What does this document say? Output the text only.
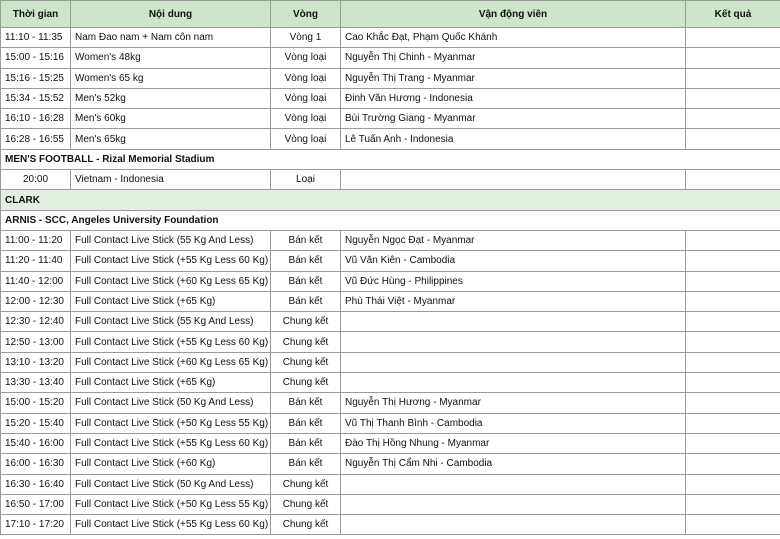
Thời gian	Nội dung	Vòng	Vận động viên	Kết quả
11:10 - 11:35	Nam Đao nam + Nam côn nam	Vòng 1	Cao Khắc Đạt, Phạm Quốc Khánh	
15:00 - 15:16	Women's 48kg	Vòng loại	Nguyễn Thị Chinh - Myanmar	
15:16 - 15:25	Women's 65 kg	Vòng loại	Nguyễn Thị Trang - Myanmar	
15:34 - 15:52	Men's 52kg	Vòng loại	Đinh Văn Hương - Indonesia	
16:10 - 16:28	Men's 60kg	Vòng loại	Bùi Trường Giang - Myanmar	
16:28 - 16:55	Men's 65kg	Vòng loại	Lê Tuấn Anh - Indonesia	
MEN'S FOOTBALL - Rizal Memorial Stadium				
20:00	Vietnam - Indonesia	Loại		
CLARK				
ARNIS - SCC, Angeles University Foundation				
11:00 - 11:20	Full Contact Live Stick (55 Kg And Less)	Bán kết	Nguyễn Ngọc Đạt - Myanmar	
11:20 - 11:40	Full Contact Live Stick (+55 Kg Less 60 Kg)	Bán kết	Vũ Văn Kiên - Cambodia	
11:40 - 12:00	Full Contact Live Stick (+60 Kg Less 65 Kg)	Bán kết	Vũ Đức Hùng - Philippines	
12:00 - 12:30	Full Contact Live Stick (+65 Kg)	Bán kết	Phù Thái Việt - Myanmar	
12:30 - 12:40	Full Contact Live Stick (55 Kg And Less)	Chung kết		
12:50 - 13:00	Full Contact Live Stick (+55 Kg Less 60 Kg)	Chung kết		
13:10 - 13:20	Full Contact Live Stick (+60 Kg Less 65 Kg)	Chung kết		
13:30 - 13:40	Full Contact Live Stick (+65 Kg)	Chung kết		
15:00 - 15:20	Full Contact Live Stick (50 Kg And Less)	Bán kết	Nguyễn Thị Hương - Myanmar	
15:20 - 15:40	Full Contact Live Stick (+50 Kg Less 55 Kg)	Bán kết	Vũ Thị Thanh Bình - Cambodia	
15:40 - 16:00	Full Contact Live Stick (+55 Kg Less 60 Kg)	Bán kết	Đào Thị Hồng Nhung - Myanmar	
16:00 - 16:30	Full Contact Live Stick (+60 Kg)	Bán kết	Nguyễn Thị Cẩm Nhi - Cambodia	
16:30 - 16:40	Full Contact Live Stick (50 Kg And Less)	Chung kết		
16:50 - 17:00	Full Contact Live Stick (+50 Kg Less 55 Kg)	Chung kết		
17:10 - 17:20	Full Contact Live Stick (+55 Kg Less 60 Kg)	Chung kết		
